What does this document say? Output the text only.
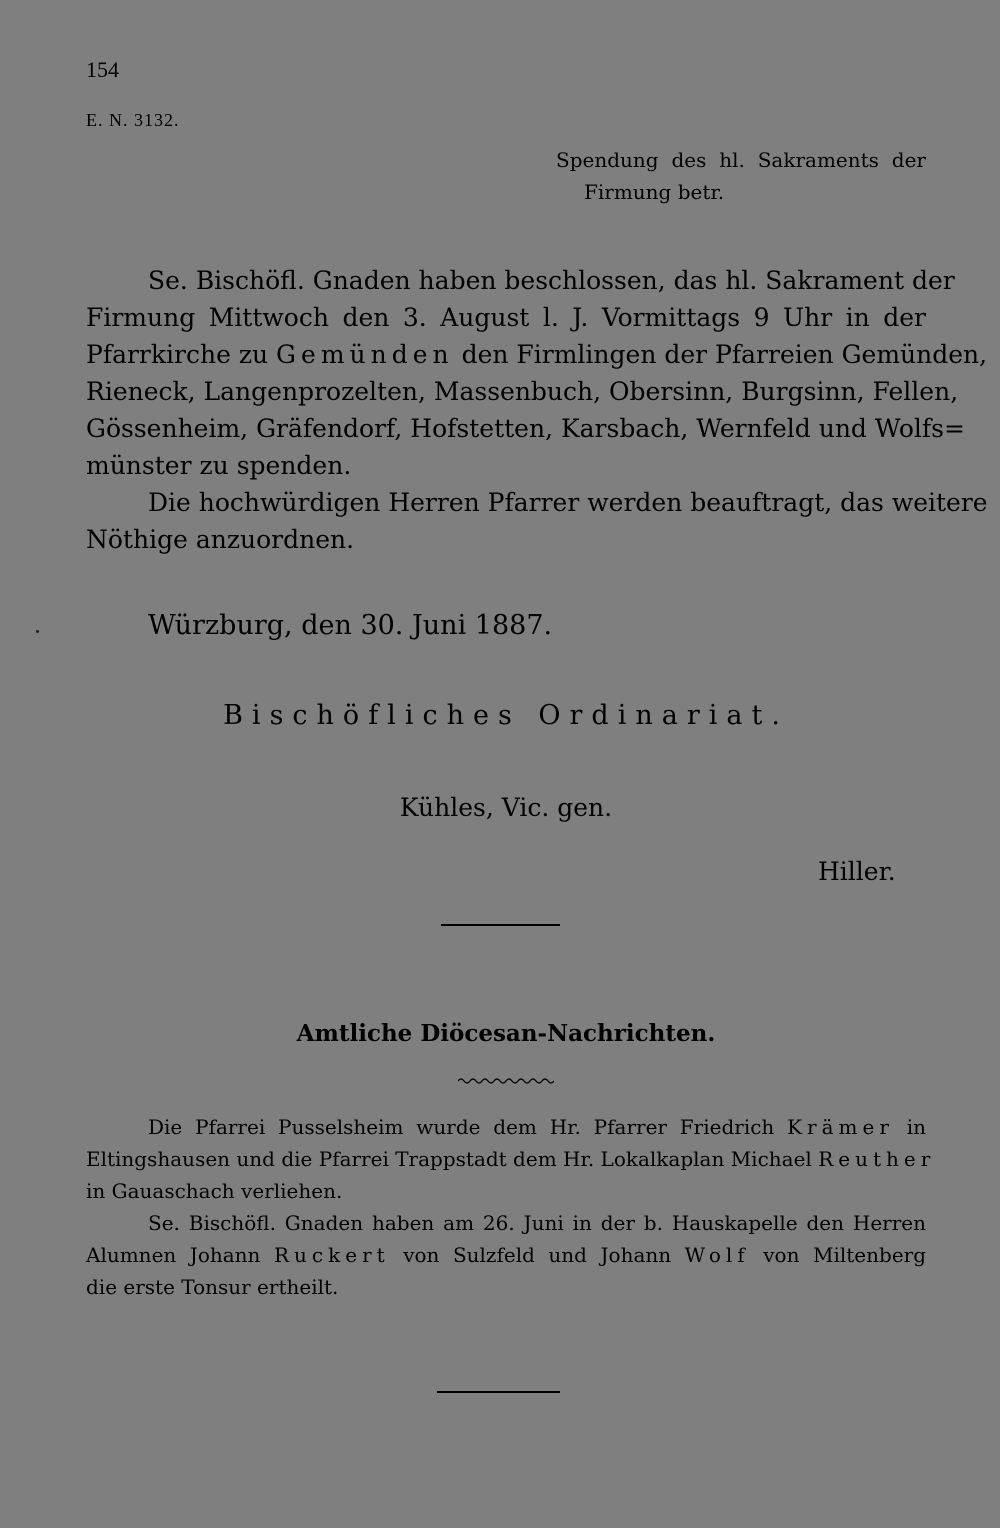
154
E. N. 3132.
Spendung des hl. Sakraments der
Firmung betr.
Se. Bischöfl. Gnaden haben beschlossen, das hl. Sakrament der
Firmung Mittwoch den 3. August l. J. Vormittags 9 Uhr in der
Pfarrkirche zu Gemünden den Firmlingen der Pfarreien Gemünden,
Rieneck, Langenprozelten, Massenbuch, Obersinn, Burgsinn, Fellen,
Gössenheim, Gräfendorf, Hofstetten, Karsbach, Wernfeld und Wolfs=
münster zu spenden.
Die hochwürdigen Herren Pfarrer werden beauftragt, das weitere
Nöthige anzuordnen.
Würzburg, den 30. Juni 1887.
Bischöfliches Ordinariat.
Kühles, Vic. gen.
Hiller.
Amtliche Diöcesan-Nachrichten.
Die Pfarrei Pusselsheim wurde dem Hr. Pfarrer Friedrich Krämer in
Eltingshausen und die Pfarrei Trappstadt dem Hr. Lokalkaplan Michael Reuther
in Gauaschach verliehen.
Se. Bischöfl. Gnaden haben am 26. Juni in der b. Hauskapelle den Herren
Alumnen Johann Ruckert von Sulzfeld und Johann Wolf von Miltenberg
die erste Tonsur ertheilt.
